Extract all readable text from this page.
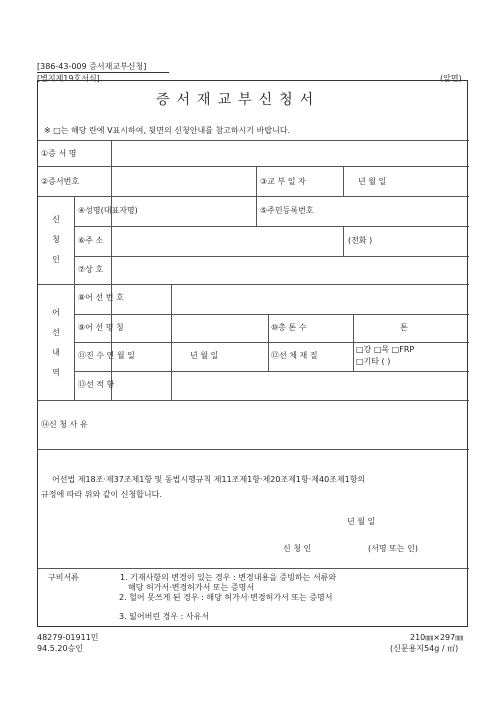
[386-43-009 증서재교부신청]
[별지제19호서식]	(앞면)
증서재교부신청서
※ □는 해당 란에 V표시하여, 뒷면의 신청안내를 참고하시기 바랍니다.
①증 서 명
②증서번호	③교 부 일 자	년 월 일
신
청
인
④성명(대표자명)	⑤주민등록번호
⑥주 소	(전화 )
⑦상 호
어
선
내
역
⑧어 선 번 호
⑨어 선 명 칭	⑩총 톤 수	톤
⑪진 수 연 월 일	년 월 일	⑫선 체 재 질
□강 □목 □FRP
□기타 ( )
⑬선 적 항
⑭신 청 사 유
어선법 제18조·제37조제1항 및 동법시행규칙 제11조제1항·제20조제1항·제40조제1항의
규정에 따라 위와 같이 신청합니다.
년 월 일
신 청 인	(서명 또는 인)
구비서류	1. 기재사항의 변경이 있는 경우 : 변경내용을 증빙하는 서류와
해당 허가서·변경허가서 또는 증명서
2. 헐어 못쓰게 된 경우 : 해당 허가서·변경허가서 또는 증명서
3. 잃어버린 경우 : 사유서
48279-01911민
94.5.20승인
210㎜×297㎜
(신문용지54g / ㎡)
